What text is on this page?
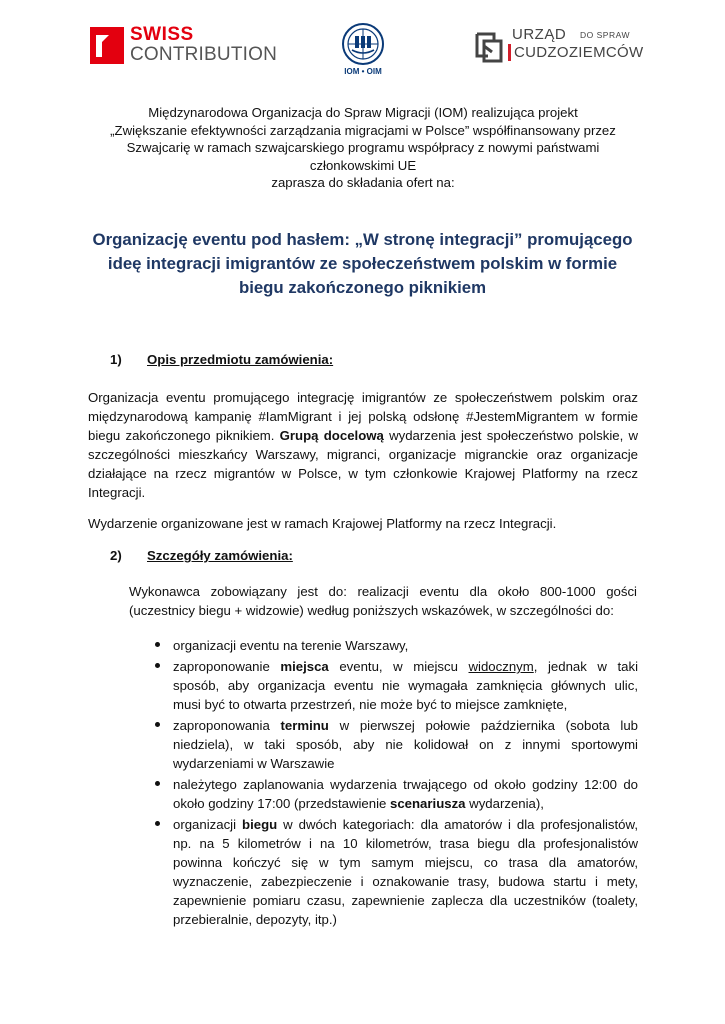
SWISS
CONTRIBUTION
IOM • OIM
URZĄD DO SPRAW
CUDZOZIEMCÓW
Międzynarodowa Organizacja do Spraw Migracji (IOM) realizująca projekt
„Zwiększanie efektywności zarządzania migracjami w Polsce” współfinansowany przez
Szwajcarię w ramach szwajcarskiego programu współpracy z nowymi państwami
członkowskimi UE
zaprasza do składania ofert na:
Organizację eventu pod hasłem: „W stronę integracji” promującego
ideę integracji imigrantów ze społeczeństwem polskim w formie
biegu zakończonego piknikiem
1) Opis przedmiotu zamówienia:
Organizacja eventu promującego integrację imigrantów ze społeczeństwem polskim oraz
międzynarodową kampanię #IamMigrant i jej polską odsłonę #JestemMigrantem w formie
biegu zakończonego piknikiem. Grupą docelową wydarzenia jest społeczeństwo polskie, w
szczególności mieszkańcy Warszawy, migranci, organizacje migranckie oraz organizacje
działające na rzecz migrantów w Polsce, w tym członkowie Krajowej Platformy na rzecz
Integracji.
Wydarzenie organizowane jest w ramach Krajowej Platformy na rzecz Integracji.
2) Szczegóły zamówienia:
Wykonawca zobowiązany jest do: realizacji eventu dla około 800-1000 gości
(uczestnicy biegu + widzowie) według poniższych wskazówek, w szczególności do:
organizacji eventu na terenie Warszawy,
zaproponowanie miejsca eventu, w miejscu widocznym, jednak w taki
sposób, aby organizacja eventu nie wymagała zamknięcia głównych ulic,
musi być to otwarta przestrzeń, nie może być to miejsce zamknięte,
zaproponowania terminu w pierwszej połowie października (sobota lub
niedziela), w taki sposób, aby nie kolidował on z innymi sportowymi
wydarzeniami w Warszawie
należytego zaplanowania wydarzenia trwającego od około godziny 12:00 do
około godziny 17:00 (przedstawienie scenariusza wydarzenia),
organizacji biegu w dwóch kategoriach: dla amatorów i dla profesjonalistów,
np. na 5 kilometrów i na 10 kilometrów, trasa biegu dla profesjonalistów
powinna kończyć się w tym samym miejscu, co trasa dla amatorów,
wyznaczenie, zabezpieczenie i oznakowanie trasy, budowa startu i mety,
zapewnienie pomiaru czasu, zapewnienie zaplecza dla uczestników (toalety,
przebieralnie, depozyty, itp.)
